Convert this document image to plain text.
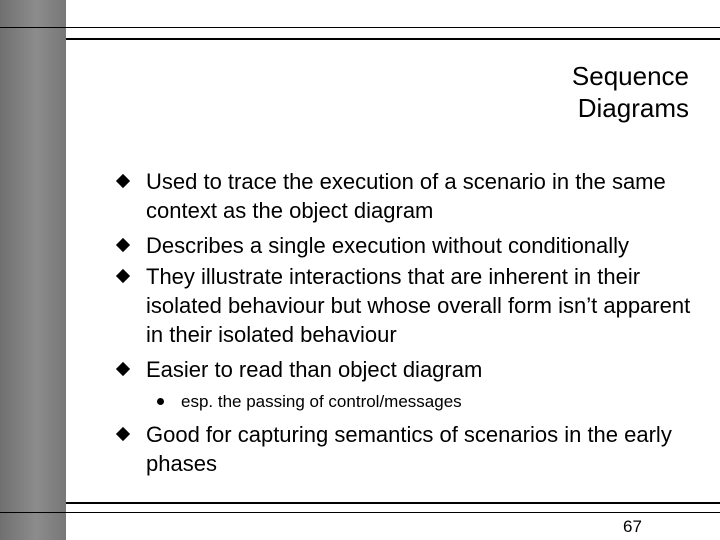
Sequence
Diagrams
Used to trace the execution of a scenario in the same context as the object diagram
Describes a single execution without conditionally
They illustrate interactions that are inherent in their isolated behaviour but whose overall form isn’t apparent in their isolated behaviour
Easier to read than object diagram
esp. the passing of control/messages
Good for capturing semantics of scenarios in the early phases
67
